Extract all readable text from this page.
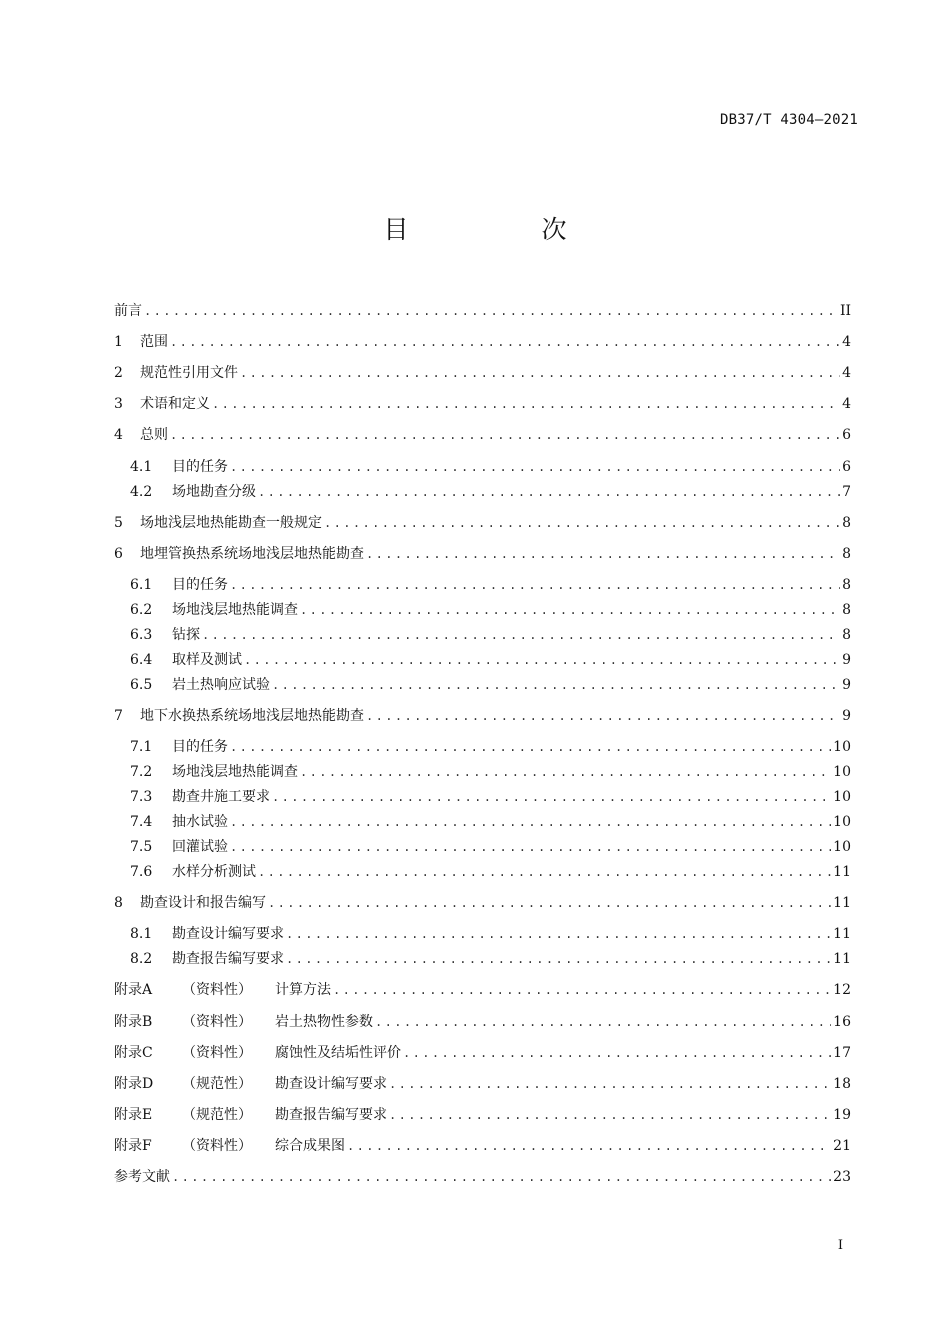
DB37/T 4304—2021
目　次
前言 .....	II
1	范围 .....	4
2	规范性引用文件 .....	4
3	术语和定义 .....	4
4	总则 .....	6
4.1	目的任务 .....	6
4.2	场地勘查分级 .....	7
5	场地浅层地热能勘查一般规定 .....	8
6	地埋管换热系统场地浅层地热能勘查 .....	8
6.1	目的任务 .....	8
6.2	场地浅层地热能调查 .....	8
6.3	钻探 .....	8
6.4	取样及测试 .....	9
6.5	岩土热响应试验 .....	9
7	地下水换热系统场地浅层地热能勘查 .....	9
7.1	目的任务 .....	10
7.2	场地浅层地热能调查 .....	10
7.3	勘查井施工要求 .....	10
7.4	抽水试验 .....	10
7.5	回灌试验 .....	10
7.6	水样分析测试 .....	11
8	勘查设计和报告编写 .....	11
8.1	勘查设计编写要求 .....	11
8.2	勘查报告编写要求 .....	11
附录A	（资料性）	计算方法 .....	12
附录B	（资料性）	岩土热物性参数 .....	16
附录C	（资料性）	腐蚀性及结垢性评价 .....	17
附录D	（规范性）	勘查设计编写要求 .....	18
附录E	（规范性）	勘查报告编写要求 .....	19
附录F	（资料性）	综合成果图 .....	21
参考文献 .....	23
I
